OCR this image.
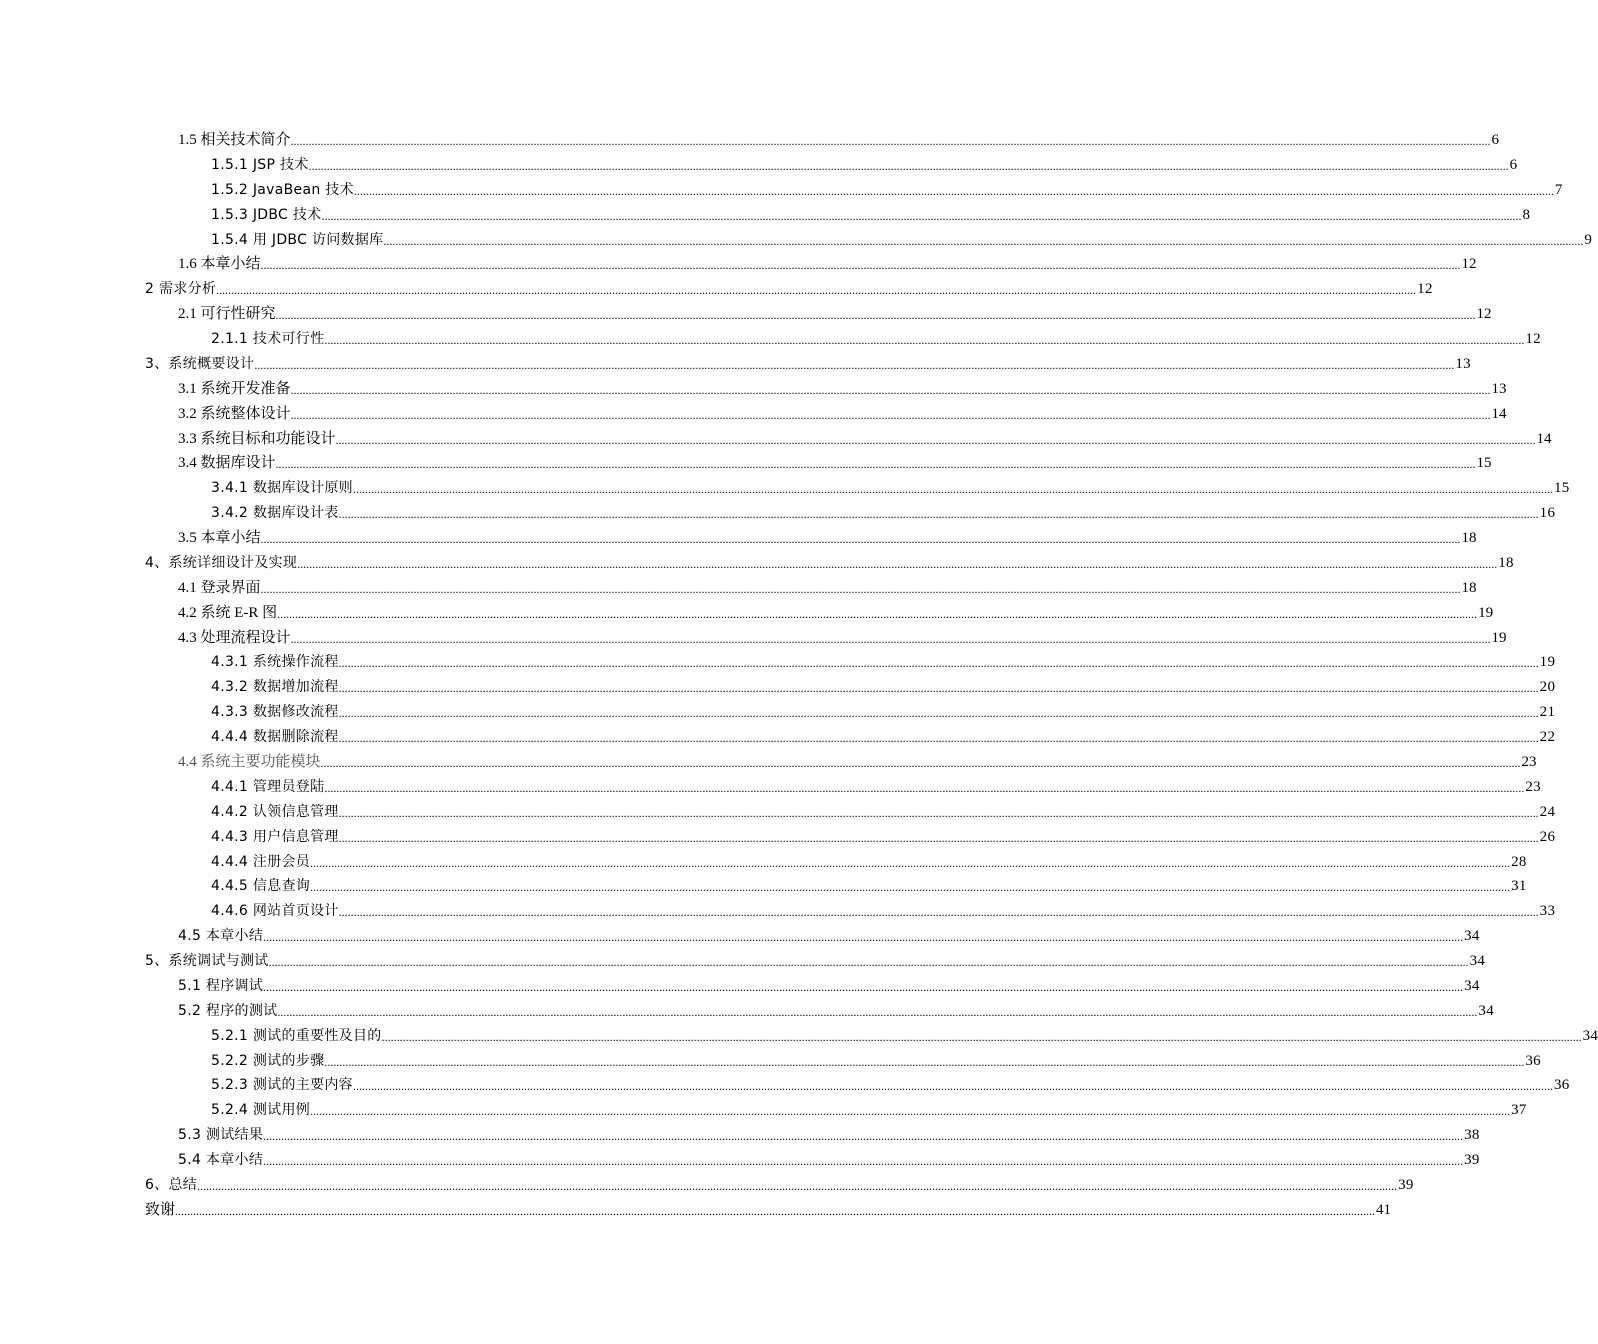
1.5 相关技术简介 ................................................................................................................................................................................................................................................................................................................................................................................................................ 6
1.5.1 JSP 技术 ................................................................................................................................................................................................................................................................................................................................................................................................................ 6
1.5.2 JavaBean 技术 ................................................................................................................................................................................................................................................................................................................................................................................................................ 7
1.5.3 JDBC 技术 ................................................................................................................................................................................................................................................................................................................................................................................................................ 8
1.5.4 用 JDBC 访问数据库 ................................................................................................................................................................................................................................................................................................................................................................................................................ 9
1.6 本章小结 ................................................................................................................................................................................................................................................................................................................................................................................................................ 12
2 需求分析 ................................................................................................................................................................................................................................................................................................................................................................................................................ 12
2.1 可行性研究 ................................................................................................................................................................................................................................................................................................................................................................................................................ 12
2.1.1 技术可行性 ................................................................................................................................................................................................................................................................................................................................................................................................................ 12
3、系统概要设计 ................................................................................................................................................................................................................................................................................................................................................................................................................ 13
3.1 系统开发准备 ................................................................................................................................................................................................................................................................................................................................................................................................................ 13
3.2 系统整体设计 ................................................................................................................................................................................................................................................................................................................................................................................................................ 14
3.3 系统目标和功能设计 ................................................................................................................................................................................................................................................................................................................................................................................................................ 14
3.4 数据库设计 ................................................................................................................................................................................................................................................................................................................................................................................................................ 15
3.4.1 数据库设计原则 ................................................................................................................................................................................................................................................................................................................................................................................................................ 15
3.4.2 数据库设计表 ................................................................................................................................................................................................................................................................................................................................................................................................................ 16
3.5 本章小结 ................................................................................................................................................................................................................................................................................................................................................................................................................ 18
4、系统详细设计及实现 ................................................................................................................................................................................................................................................................................................................................................................................................................ 18
4.1 登录界面 ................................................................................................................................................................................................................................................................................................................................................................................................................ 18
4.2 系统 E-R 图 ................................................................................................................................................................................................................................................................................................................................................................................................................ 19
4.3 处理流程设计 ................................................................................................................................................................................................................................................................................................................................................................................................................ 19
4.3.1 系统操作流程 ................................................................................................................................................................................................................................................................................................................................................................................................................ 19
4.3.2 数据增加流程 ................................................................................................................................................................................................................................................................................................................................................................................................................ 20
4.3.3 数据修改流程 ................................................................................................................................................................................................................................................................................................................................................................................................................ 21
4.4.4 数据删除流程 ................................................................................................................................................................................................................................................................................................................................................................................................................ 22
4.4 系统主要功能模块 ................................................................................................................................................................................................................................................................................................................................................................................................................ 23
4.4.1 管理员登陆 ................................................................................................................................................................................................................................................................................................................................................................................................................ 23
4.4.2 认领信息管理 ................................................................................................................................................................................................................................................................................................................................................................................................................ 24
4.4.3 用户信息管理 ................................................................................................................................................................................................................................................................................................................................................................................................................ 26
4.4.4 注册会员 ................................................................................................................................................................................................................................................................................................................................................................................................................ 28
4.4.5 信息查询 ................................................................................................................................................................................................................................................................................................................................................................................................................ 31
4.4.6 网站首页设计 ................................................................................................................................................................................................................................................................................................................................................................................................................ 33
4.5 本章小结 ................................................................................................................................................................................................................................................................................................................................................................................................................ 34
5、系统调试与测试 ................................................................................................................................................................................................................................................................................................................................................................................................................ 34
5.1 程序调试 ................................................................................................................................................................................................................................................................................................................................................................................................................ 34
5.2 程序的测试 ................................................................................................................................................................................................................................................................................................................................................................................................................ 34
5.2.1 测试的重要性及目的 ................................................................................................................................................................................................................................................................................................................................................................................................................ 34
5.2.2 测试的步骤 ................................................................................................................................................................................................................................................................................................................................................................................................................ 36
5.2.3 测试的主要内容 ................................................................................................................................................................................................................................................................................................................................................................................................................ 36
5.2.4 测试用例 ................................................................................................................................................................................................................................................................................................................................................................................................................ 37
5.3 测试结果 ................................................................................................................................................................................................................................................................................................................................................................................................................ 38
5.4 本章小结 ................................................................................................................................................................................................................................................................................................................................................................................................................ 39
6、总结 ................................................................................................................................................................................................................................................................................................................................................................................................................ 39
致谢 ................................................................................................................................................................................................................................................................................................................................................................................................................ 41
